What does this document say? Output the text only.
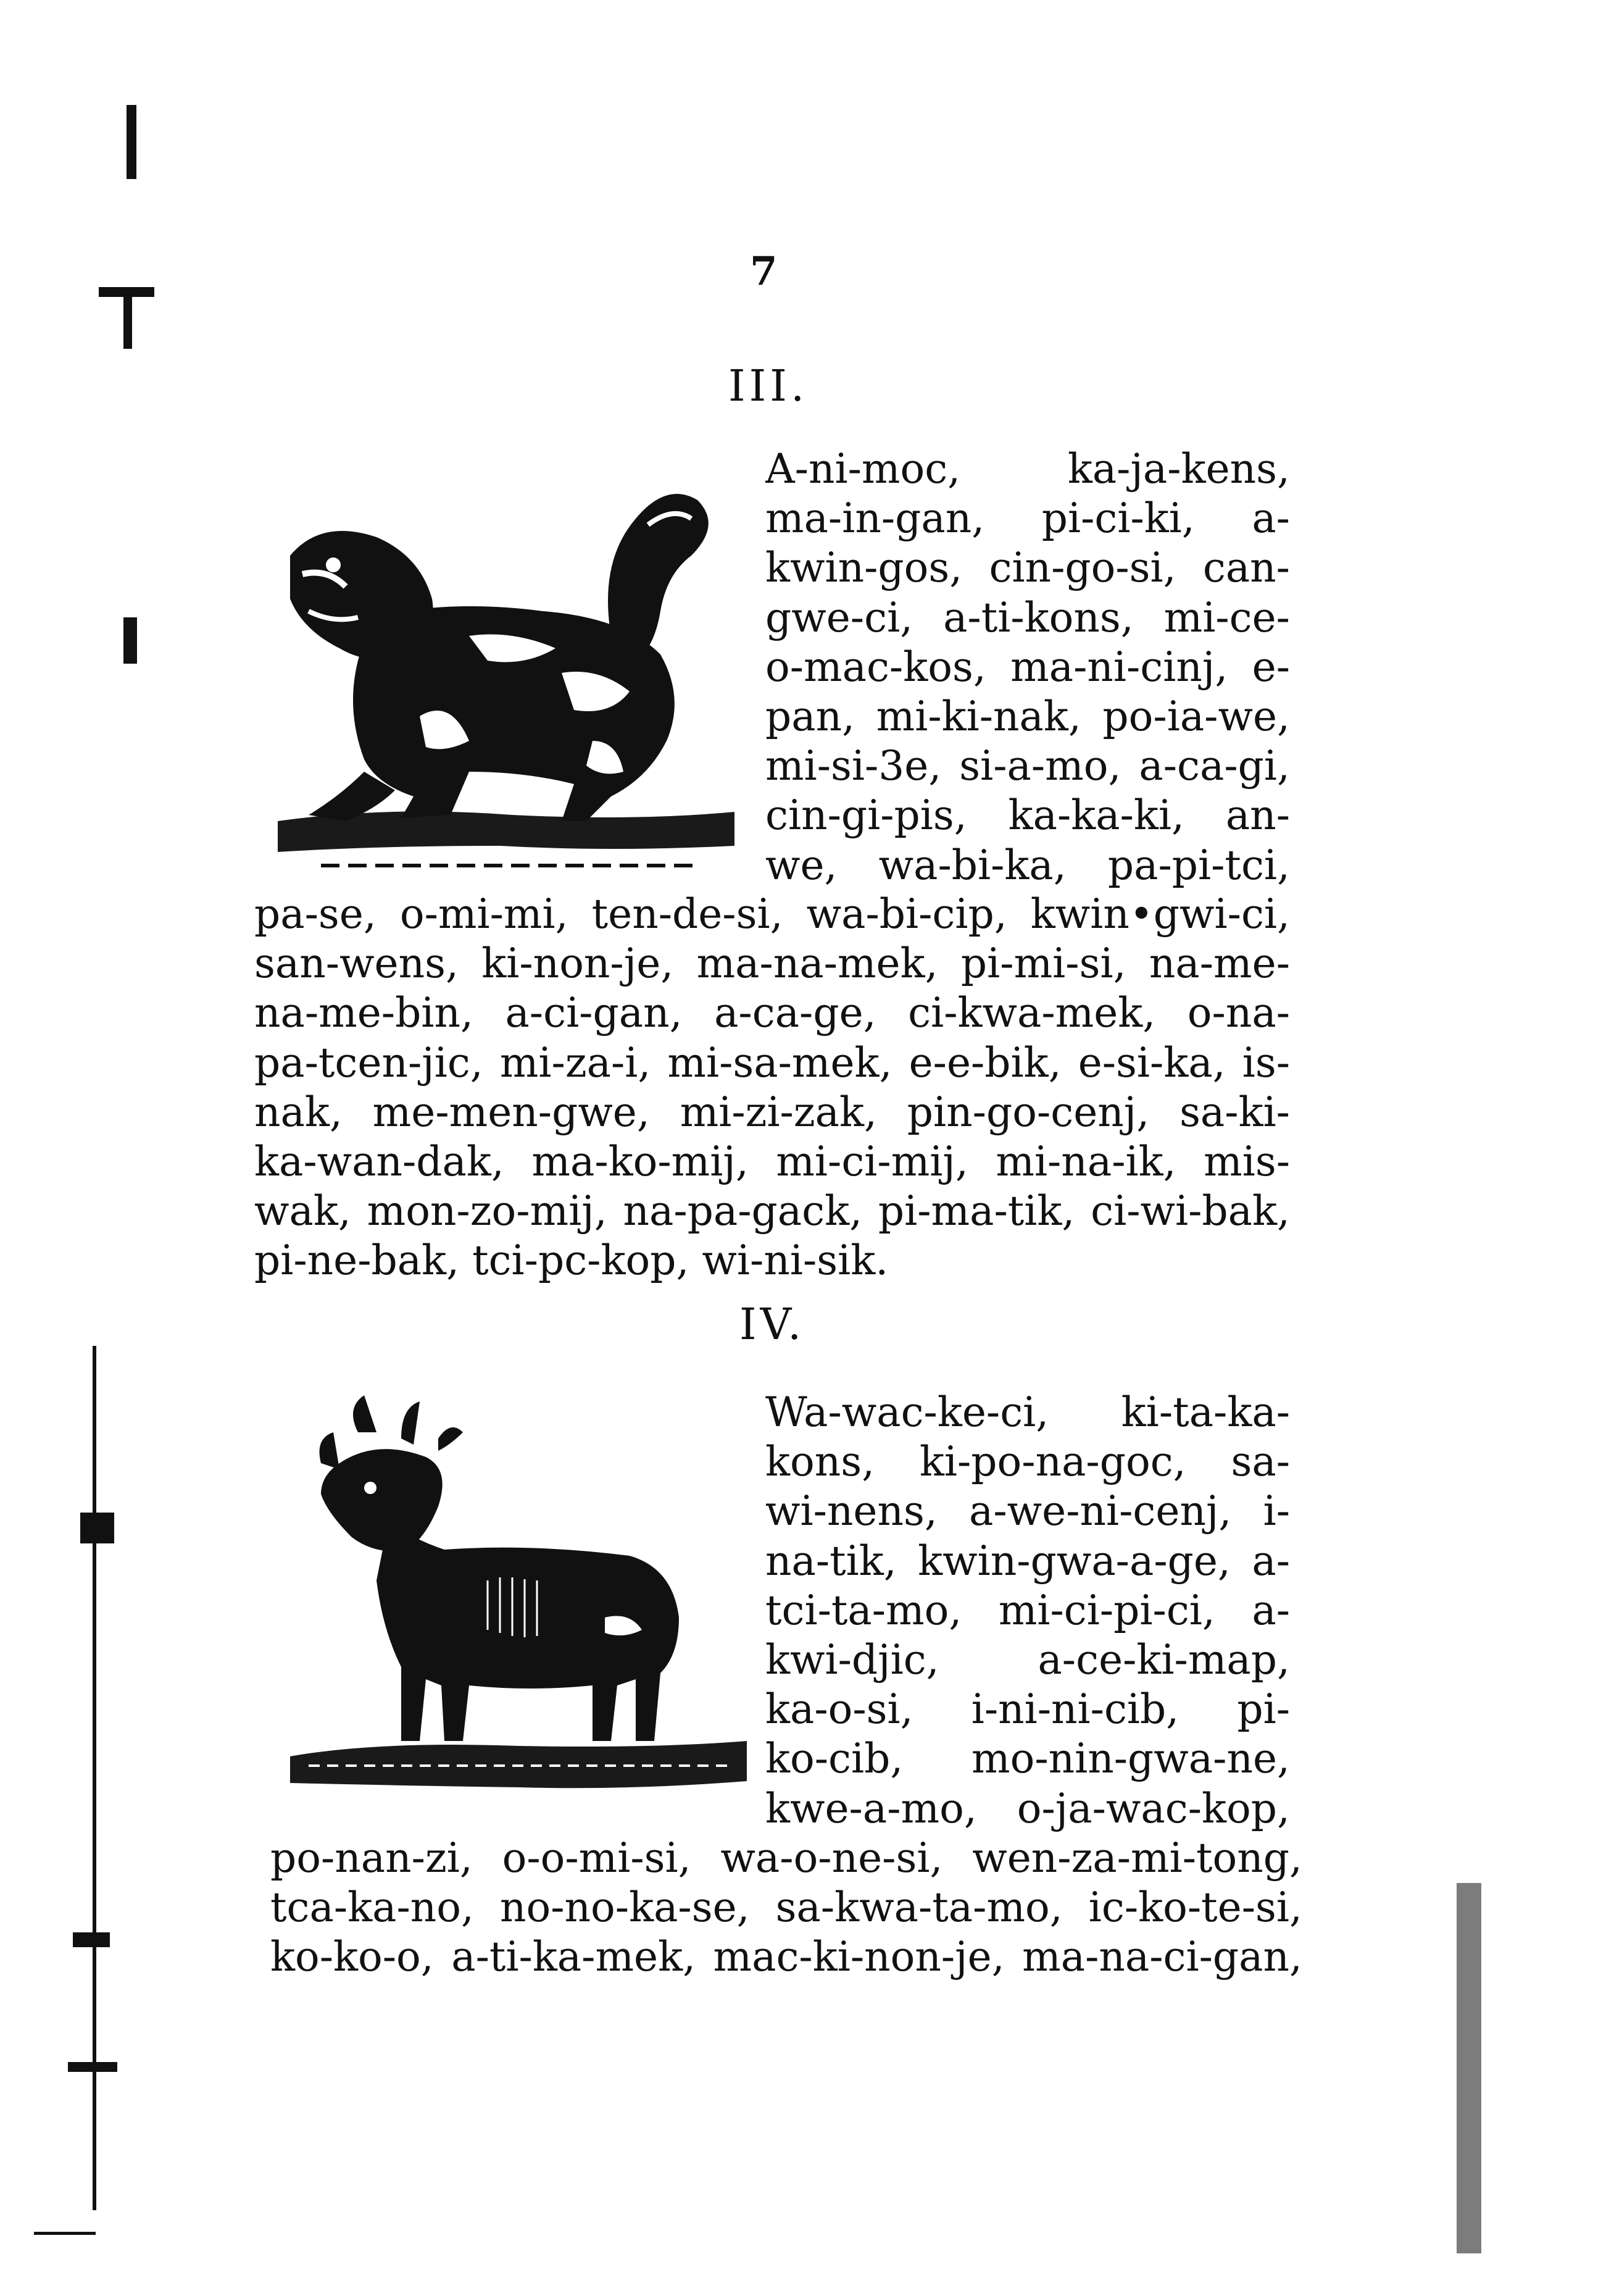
7
III.
A-ni-moc, ka-ja-kens,
ma-in-gan, pi-ci-ki, a-
kwin-gos, cin-go-si, can-
gwe-ci, a-ti-kons, mi-ce-
o-mac-kos, ma-ni-cinj, e-
pan, mi-ki-nak, po-ia-we,
mi-si-3e, si-a-mo, a-ca-gi,
cin-gi-pis, ka-ka-ki, an-
we, wa-bi-ka, pa-pi-tci,
pa-se, o-mi-mi, ten-de-si, wa-bi-cip, kwin•gwi-ci,
san-wens, ki-non-je, ma-na-mek, pi-mi-si, na-me-
na-me-bin, a-ci-gan, a-ca-ge, ci-kwa-mek, o-na-
pa-tcen-jic, mi-za-i, mi-sa-mek, e-e-bik, e-si-ka, is-
nak, me-men-gwe, mi-zi-zak, pin-go-cenj, sa-ki-
ka-wan-dak, ma-ko-mij, mi-ci-mij, mi-na-ik, mis-
wak, mon-zo-mij, na-pa-gack, pi-ma-tik, ci-wi-bak,
pi-ne-bak, tci-pc-kop, wi-ni-sik.
IV.
Wa-wac-ke-ci, ki-ta-ka-
kons, ki-po-na-goc, sa-
wi-nens, a-we-ni-cenj, i-
na-tik, kwin-gwa-a-ge, a-
tci-ta-mo, mi-ci-pi-ci, a-
kwi-djic, a-ce-ki-map,
ka-o-si, i-ni-ni-cib, pi-
ko-cib, mo-nin-gwa-ne,
kwe-a-mo, o-ja-wac-kop,
po-nan-zi, o-o-mi-si, wa-o-ne-si, wen-za-mi-tong,
tca-ka-no, no-no-ka-se, sa-kwa-ta-mo, ic-ko-te-si,
ko-ko-o, a-ti-ka-mek, mac-ki-non-je, ma-na-ci-gan,
